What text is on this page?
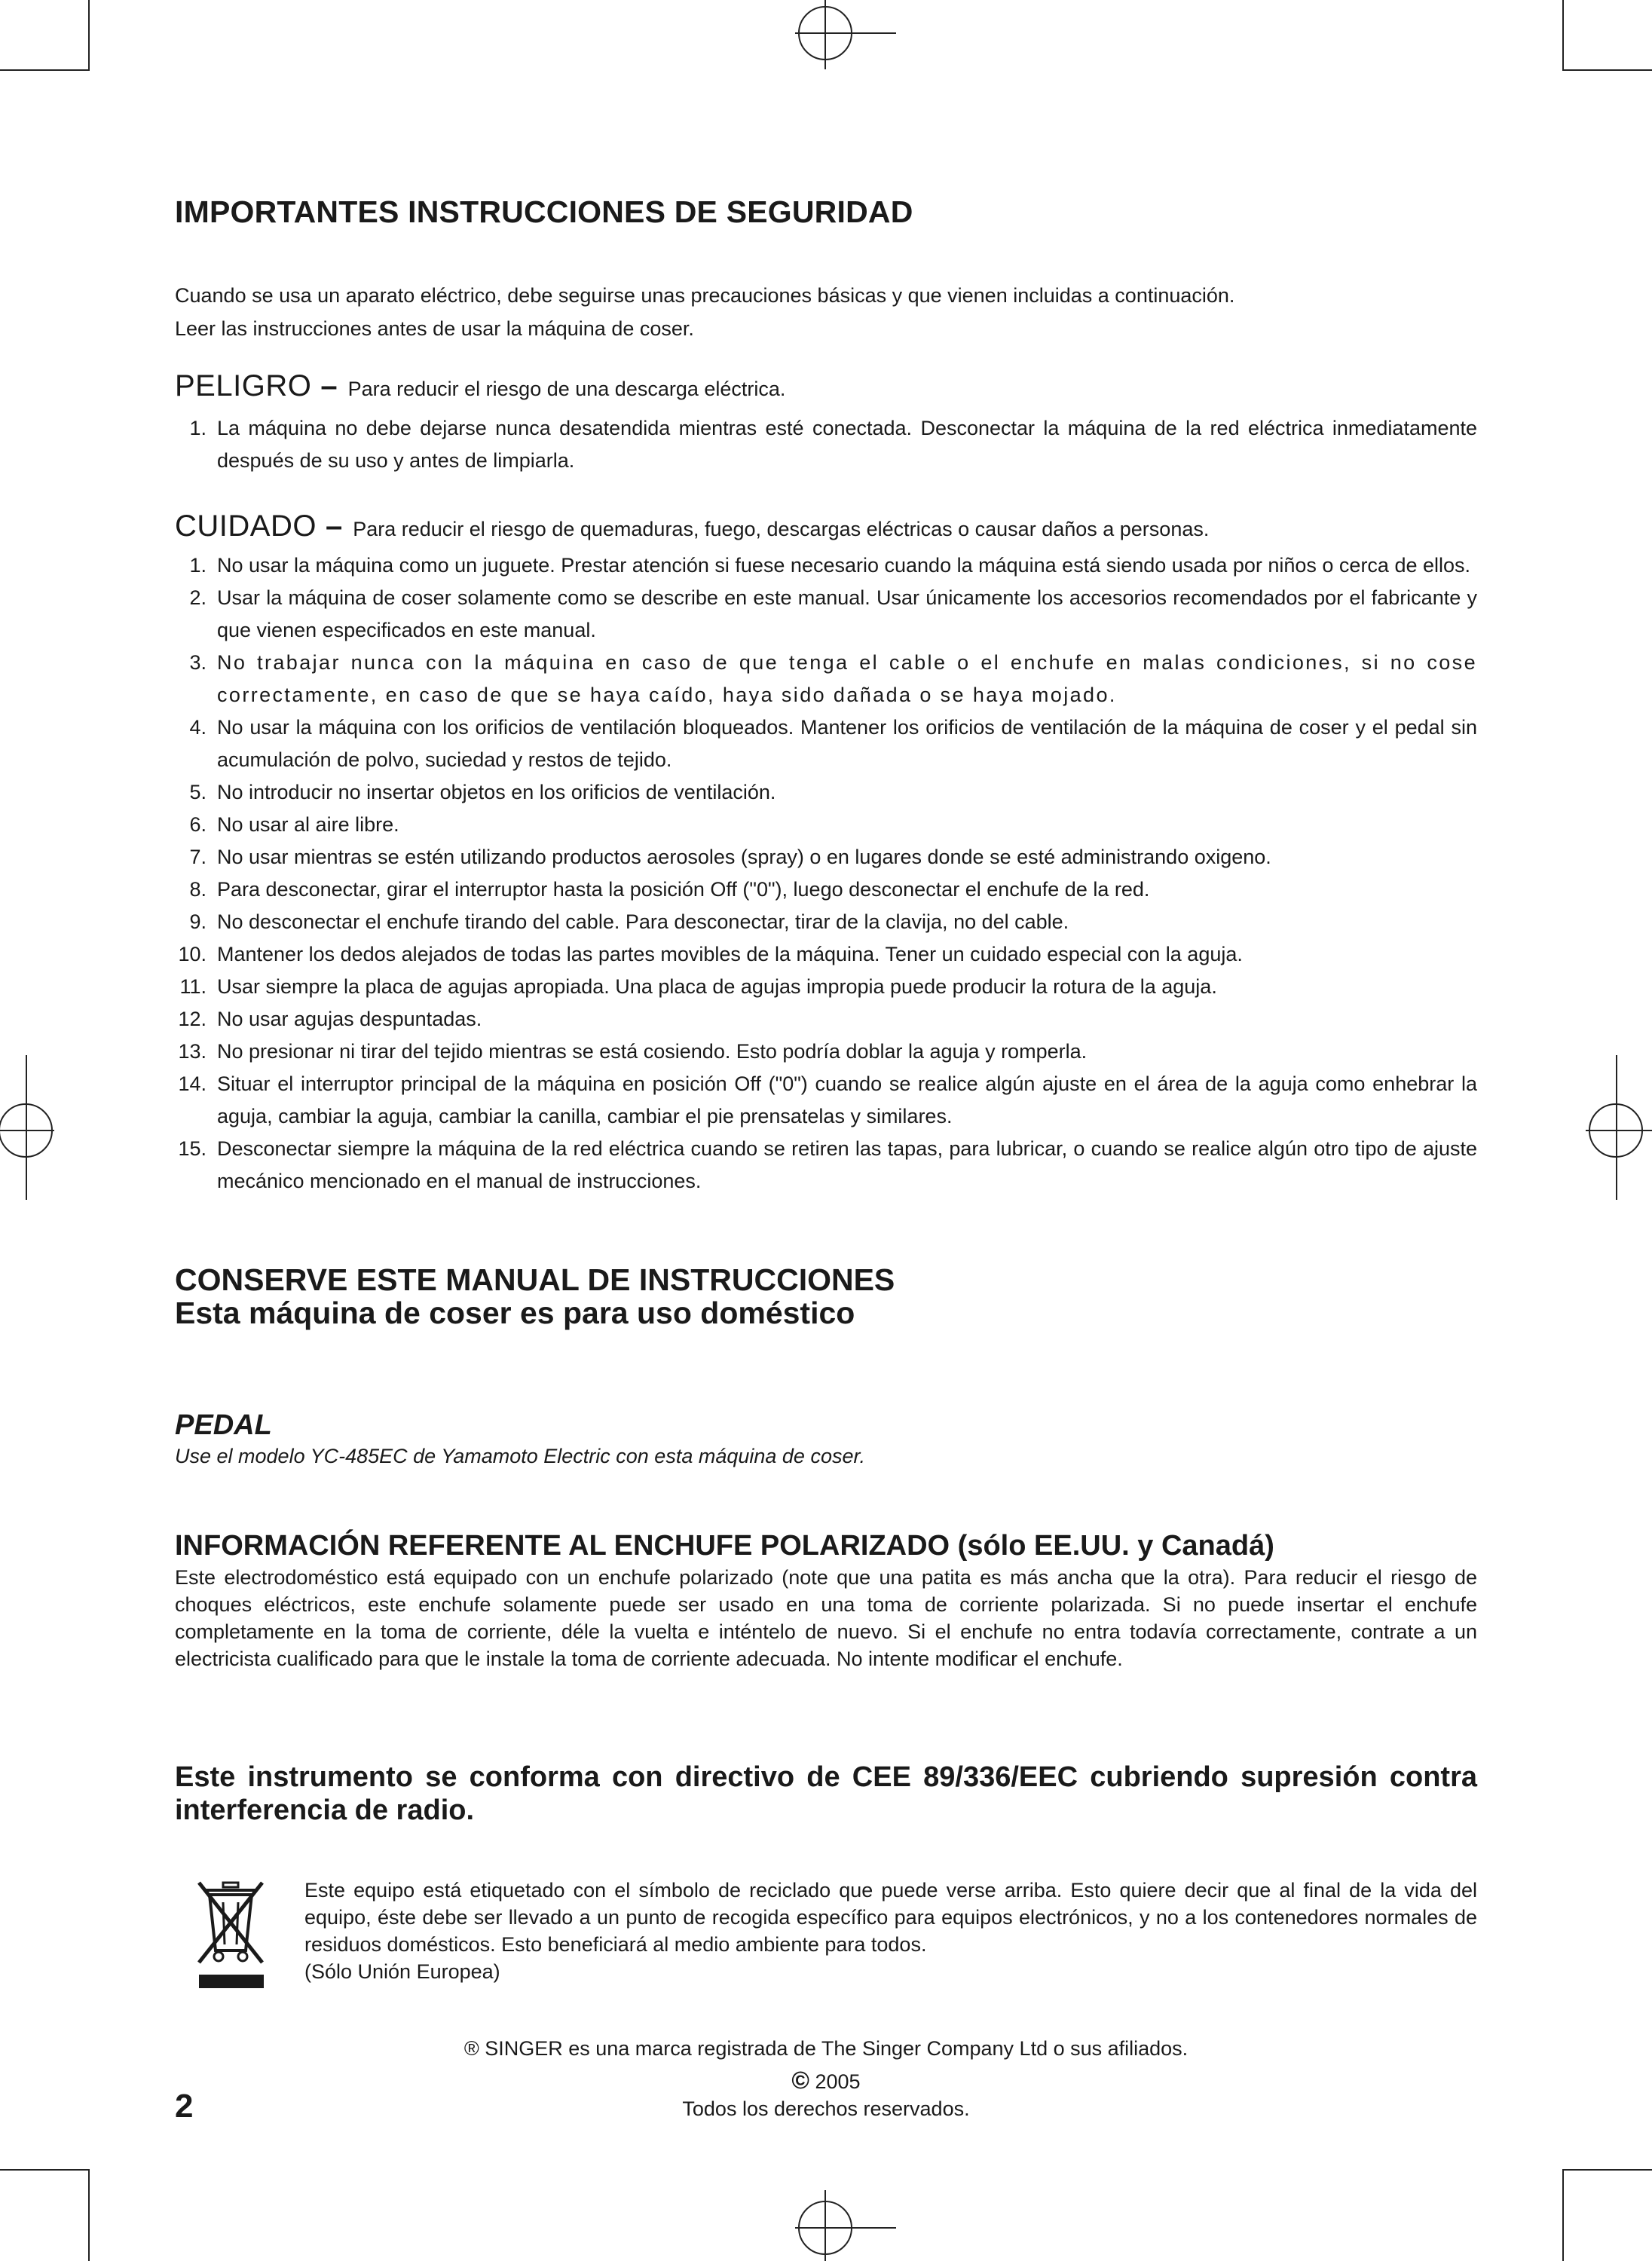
IMPORTANTES INSTRUCCIONES DE SEGURIDAD

Cuando se usa un aparato eléctrico, debe seguirse unas precauciones básicas y que vienen incluidas a continuación.

Leer las instrucciones antes de usar la máquina de coser.

PELIGRO – Para reducir el riesgo de una descarga eléctrica.
1. La máquina no debe dejarse nunca desatendida mientras esté conectada. Desconectar la máquina de la red eléctrica inmediatamente después de su uso y antes de limpiarla.
CUIDADO – Para reducir el riesgo de quemaduras, fuego, descargas eléctricas o causar daños a personas.
1. No usar la máquina como un juguete. Prestar atención si fuese necesario cuando la máquina está siendo usada por niños o cerca de ellos.
2. Usar la máquina de coser solamente como se describe en este manual. Usar únicamente los accesorios recomendados por el fabricante y que vienen especificados en este manual.
3. No trabajar nunca con la máquina en caso de que tenga el cable o el enchufe en malas condiciones, si no cose correctamente, en caso de que se haya caído, haya sido dañada o se haya mojado.
4. No usar la máquina con los orificios de ventilación bloqueados. Mantener los orificios de ventilación de la máquina de coser y el pedal sin acumulación de polvo, suciedad y restos de tejido.
5. No introducir no insertar objetos en los orificios de ventilación.
6. No usar al aire libre.
7. No usar mientras se estén utilizando productos aerosoles (spray) o en lugares donde se esté administrando oxigeno.
8. Para desconectar, girar el interruptor hasta la posición Off ("0"), luego desconectar el enchufe de la red.
9. No desconectar el enchufe tirando del cable. Para desconectar, tirar de la clavija, no del cable.
10. Mantener los dedos alejados de todas las partes movibles de la máquina. Tener un cuidado especial con la aguja.
11. Usar siempre la placa de agujas apropiada. Una placa de agujas impropia puede producir la rotura de la aguja.
12. No usar agujas despuntadas.
13. No presionar ni tirar del tejido mientras se está cosiendo. Esto podría doblar la aguja y romperla.
14. Situar el interruptor principal de la máquina en posición Off ("0") cuando se realice algún ajuste en el área de la aguja como enhebrar la aguja, cambiar la aguja, cambiar la canilla, cambiar el pie prensatelas y similares.
15. Desconectar siempre la máquina de la red eléctrica cuando se retiren las tapas, para lubricar, o cuando se realice algún otro tipo de ajuste mecánico mencionado en el manual de instrucciones.
CONSERVE ESTE MANUAL DE INSTRUCCIONES
Esta máquina de coser es para uso doméstico
PEDAL
Use el modelo YC-485EC de Yamamoto Electric con esta máquina de coser.
INFORMACIÓN REFERENTE AL ENCHUFE POLARIZADO (sólo EE.UU. y Canadá)

Este electrodoméstico está equipado con un enchufe polarizado (note que una patita es más ancha que la otra). Para reducir el riesgo de choques eléctricos, este enchufe solamente puede ser usado en una toma de corriente polarizada. Si no puede insertar el enchufe completamente en la toma de corriente, déle la vuelta e inténtelo de nuevo. Si el enchufe no entra todavía correctamente, contrate a un electricista cualificado para que le instale la toma de corriente adecuada. No intente modificar el enchufe.

Este instrumento se conforma con directivo de CEE 89/336/EEC cubriendo supresión contra interferencia de radio.

Este equipo está etiquetado con el símbolo de reciclado que puede verse arriba. Esto quiere decir que al final de la vida del equipo, éste debe ser llevado a un punto de recogida específico para equipos electrónicos, y no a los contenedores normales de residuos domésticos. Esto beneficiará al medio ambiente para todos.

(Sólo Unión Europea)

® SINGER es una marca registrada de The Singer Company Ltd o sus afiliados.
© 2005
Todos los derechos reservados.
2
